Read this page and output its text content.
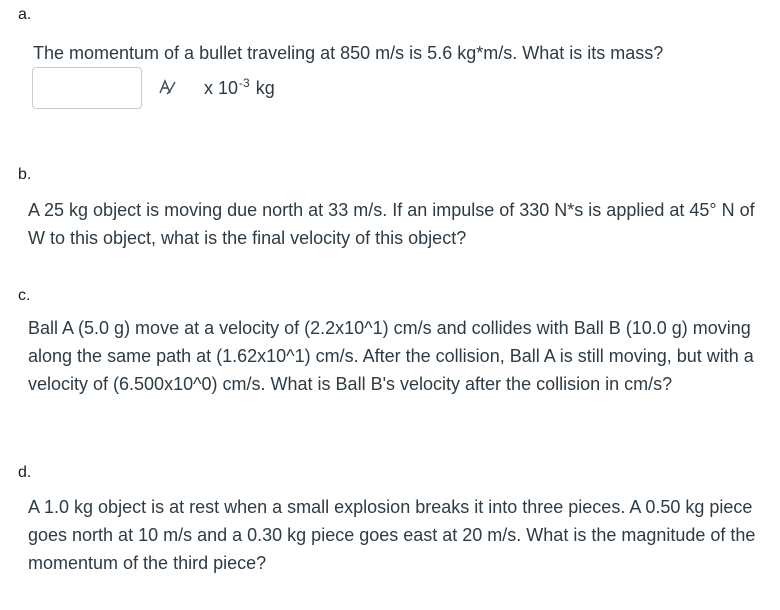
a.
The momentum of a bullet traveling at 850 m/s is 5.6 kg*m/s. What is its mass?
x $10^{-3}$ kg
b.
A 25 kg object is moving due north at 33 m/s. If an impulse of 330 N*s is applied at 45° N of W to this object, what is the final velocity of this object?
c.
Ball A (5.0 g) move at a velocity of (2.2x10^1) cm/s and collides with Ball B (10.0 g) moving along the same path at (1.62x10^1) cm/s. After the collision, Ball A is still moving, but with a velocity of (6.500x10^0) cm/s. What is Ball B's velocity after the collision in cm/s?
d.
A 1.0 kg object is at rest when a small explosion breaks it into three pieces. A 0.50 kg piece goes north at 10 m/s and a 0.30 kg piece goes east at 20 m/s. What is the magnitude of the momentum of the third piece?
